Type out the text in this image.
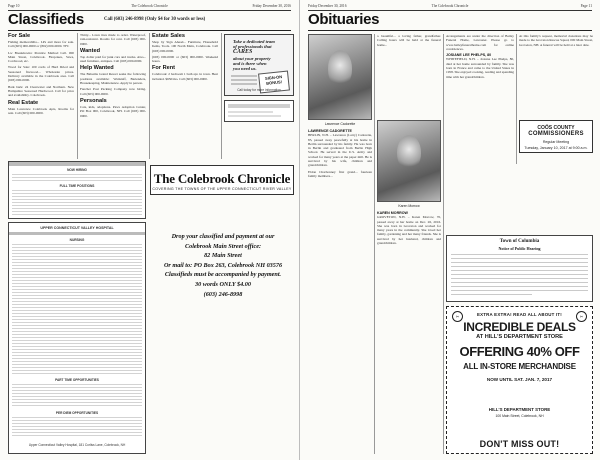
Page 10	The Colebrook Chronicle	Friday December 30, 2016
Classifieds	Call (603) 246-8998 (Only $4 for 30 words or less)

For Sale
Fishing memorabilia... LPs and more for sale. Call (603) 000-0000 or (802) 000-0000. TFC

Lw Breakdowns: Prentice Method Cell. 000 Main Street, Colebrook. Firepokes, Saws, Cordwood, etc.

Wood for Sale: 100 cords of Hard Dried and Seasoned firewood... Wholesale prices. Delivery available in the Colebrook area. Call (603) 000-0000.

Bark bark: 24 Clearwater and Northern. New Hampshire Seasoned Hardwood. Call for price and availability. Colebrook.

Real Estate
Main Lawrence Colebrook Apts, Rooms for rent. Call (603) 000-0000.

Thirty... Lawn tires made to order. Waterproof, rain-resistant. Rooms for rent. Call (603) 000-0000.

Wanted
Top dollar paid for junk cars and trucks. Also... used furniture, antiques. Call (603) 000-0000.

Help Wanted
The Balsams Grand Resort seeks the following positions available: Waitstaff, Bartenders, Housekeeping, Maintenance. Apply in person.

Fancher Post Packing Company now hiring. Call (603) 000-0000.

Personals
Cats, kids, adoptions. Paws Adoption Center, PO Box 000, Colebrook, NH. Call (603) 000-0000.

Estate Sales
Shop by Sign Ahead... Furniture, Household Items, Tools. 100 North Main, Colebrook. Call (603) 000-0000.

(603) 000-0000 or (603) 000-0000. Weekend hours.

For Rent
Colebrook: 2 bedroom 1 bath apt. in town. Heat included. $650/mo. Call (603) 000-0000.

Take a dedicated team
of professionals that
CARES
about your property
and is there when
you need us.
SIGN-ON BONUS!
Call today for more information
NOW HIRING
FULL TIME POSITIONS	The Colebrook Chronicle
COVERING THE TOWNS OF THE UPPER CONNECTICUT RIVER VALLEY
UPPER CONNECTICUT VALLEY HOSPITAL
NURSING
PART TIME OPPORTUNITIES
PER DIEM OPPORTUNITIES
Upper Connecticut Valley Hospital, 181 Corliss Lane, Colebrook, NH
Drop your classified and payment at our
Colebrook Main Street office:
82 Main Street
Or mail to: PO Box 263, Colebrook NH 03576
Classifieds must be accompanied by payment.
30 words ONLY $4.00
(603) 246-8998
Friday December 30, 2016	The Colebrook Chronicle	Page 11
Obituaries
Lawrence Cadorette

LAWRENCE CADORETTE
BERLIN, N.H. – Lawrence (Larry) Cadorette, 85, passed away peacefully at his home in Berlin surrounded by his family. He was born in Berlin and graduated from Berlin High School. He served in the U.S. Army and worked for many years at the paper mill. He is survived by his wife, children and grandchildren.

Eldon Charbonney first grand... fourteen family members...

a beautiful... a loving father, grandfather. Calling hours will be held at the funeral home...

Karen Morrow

KAREN MORROW
GROVETON, N.H. – Karen Morrow, 70, passed away at her home on Dec. 26, 2016. She was born in Groveton and worked for many years in the community. She loved her family, gardening and her many friends. She is survived by her husband, children and grandchildren.

Arrangements are under the direction of Bailey Funeral Home, Lancaster. Please go to www.baileyfuneralhome.com for online condolences.

JOSIANE LEE PHELPS, 80
WHITEFIELD, N.H. – Josiane Lee Phelps, 80, died at her home surrounded by family. She was born in France and came to the United States in 1958. She enjoyed cooking, reading and spending time with her grandchildren.

At this family's request, memorial donations may be made to the Groveton Rescue Squad, 000 Main Street, Groveton, NH. A funeral will be held at a later date.

COÖS COUNTY
COMMISSIONERS
Regular Meeting
Tuesday, January 10, 2017 at 9:00 a.m.
Town of Columbia
Notice of Public Hearing
✂	✂
EXTRA EXTRA! READ ALL ABOUT IT!
INCREDIBLE DEALS
AT HILL'S DEPARTMENT STORE
OFFERING 40% OFF
ALL IN-STORE MERCHANDISE
NOW UNTIL SAT. JAN. 7, 2017
HILL'S DEPARTMENT STORE
100 Main Street, Colebrook, NH
DON'T MISS OUT!
